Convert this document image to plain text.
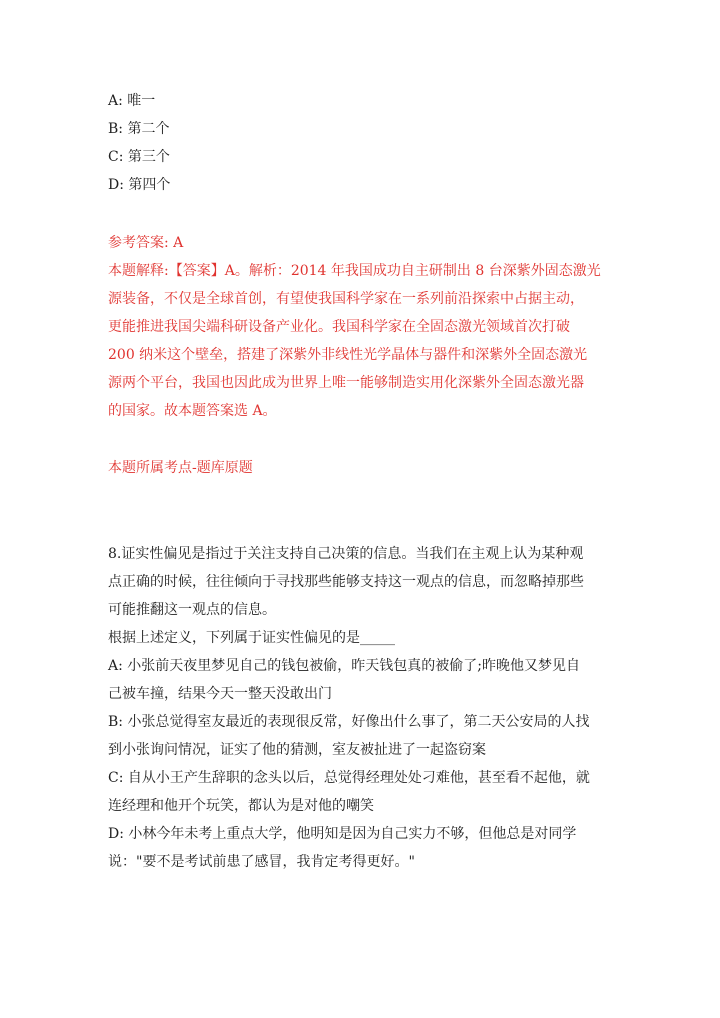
A: 唯一
B: 第二个
C: 第三个
D: 第四个
参考答案: A
本题解释:【答案】A。解析：2014 年我国成功自主研制出 8 台深紫外固态激光
源装备，不仅是全球首创，有望使我国科学家在一系列前沿探索中占据主动，
更能推进我国尖端科研设备产业化。我国科学家在全固态激光领域首次打破
200 纳米这个壁垒，搭建了深紫外非线性光学晶体与器件和深紫外全固态激光
源两个平台，我国也因此成为世界上唯一能够制造实用化深紫外全固态激光器
的国家。故本题答案选 A。
本题所属考点-题库原题
8.证实性偏见是指过于关注支持自己决策的信息。当我们在主观上认为某种观
点正确的时候，往往倾向于寻找那些能够支持这一观点的信息，而忽略掉那些
可能推翻这一观点的信息。
根据上述定义，下列属于证实性偏见的是_____
A: 小张前天夜里梦见自己的钱包被偷，昨天钱包真的被偷了;昨晚他又梦见自
己被车撞，结果今天一整天没敢出门
B: 小张总觉得室友最近的表现很反常，好像出什么事了，第二天公安局的人找
到小张询问情况，证实了他的猜测，室友被扯进了一起盗窃案
C: 自从小王产生辞职的念头以后，总觉得经理处处刁难他，甚至看不起他，就
连经理和他开个玩笑，都认为是对他的嘲笑
D: 小林今年未考上重点大学，他明知是因为自己实力不够，但他总是对同学
说："要不是考试前患了感冒，我肯定考得更好。"
